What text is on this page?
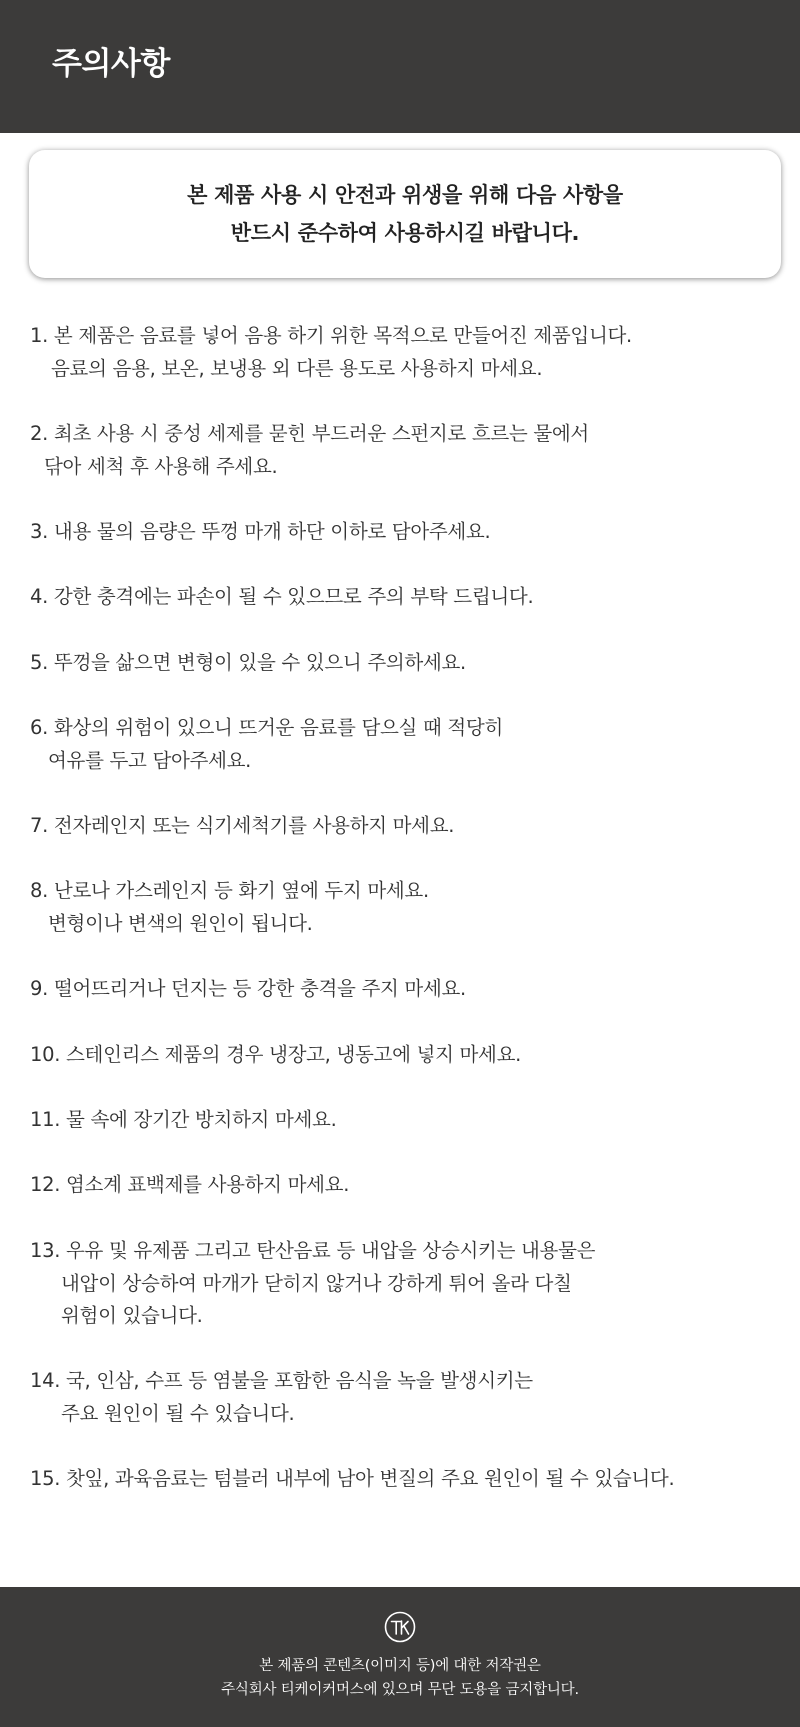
주의사항
본 제품 사용 시 안전과 위생을 위해 다음 사항을
반드시 준수하여 사용하시길 바랍니다.
1. 본 제품은 음료를 넣어 음용 하기 위한 목적으로 만들어진 제품입니다.
음료의 음용, 보온, 보냉용 외 다른 용도로 사용하지 마세요.
2. 최초 사용 시 중성 세제를 묻힌 부드러운 스펀지로 흐르는 물에서
닦아 세척 후 사용해 주세요.
3. 내용 물의 음량은 뚜껑 마개 하단 이하로 담아주세요.
4. 강한 충격에는 파손이 될 수 있으므로 주의 부탁 드립니다.
5. 뚜껑을 삶으면 변형이 있을 수 있으니 주의하세요.
6. 화상의 위험이 있으니 뜨거운 음료를 담으실 때 적당히
여유를 두고 담아주세요.
7. 전자레인지 또는 식기세척기를 사용하지 마세요.
8. 난로나 가스레인지 등 화기 옆에 두지 마세요.
변형이나 변색의 원인이 됩니다.
9. 떨어뜨리거나 던지는 등 강한 충격을 주지 마세요.
10. 스테인리스 제품의 경우 냉장고, 냉동고에 넣지 마세요.
11. 물 속에 장기간 방치하지 마세요.
12. 염소계 표백제를 사용하지 마세요.
13. 우유 및 유제품 그리고 탄산음료 등 내압을 상승시키는 내용물은
내압이 상승하여 마개가 닫히지 않거나 강하게 튀어 올라 다칠
위험이 있습니다.
14. 국, 인삼, 수프 등 염불을 포함한 음식을 녹을 발생시키는
주요 원인이 될 수 있습니다.
15. 찻잎, 과육음료는 텀블러 내부에 남아 변질의 주요 원인이 될 수 있습니다.
본 제품의 콘텐츠(이미지 등)에 대한 저작권은
주식회사 티케이커머스에 있으며 무단 도용을 금지합니다.
